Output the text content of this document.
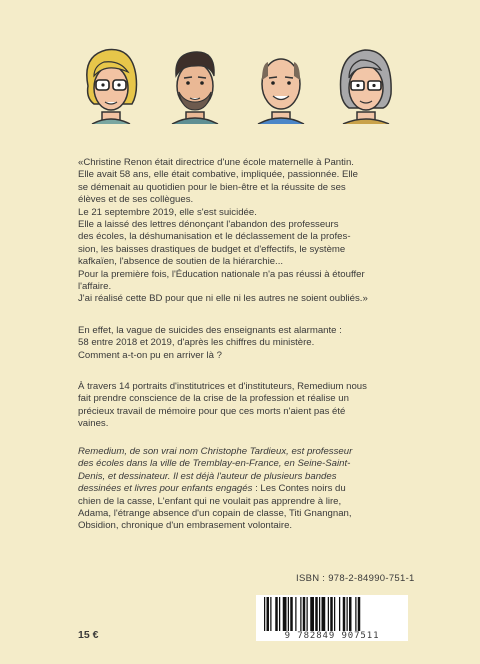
«Christine Renon était directrice d'une école maternelle à Pantin.

Elle avait 58 ans, elle était combative, impliquée, passionnée. Elle

se démenait au quotidien pour le bien-être et la réussite de ses

élèves et de ses collègues.

Le 21 septembre 2019, elle s'est suicidée.

Elle a laissé des lettres dénonçant l'abandon des professeurs

des écoles, la déshumanisation et le déclassement de la profes-

sion, les baisses drastiques de budget et d'effectifs, le système

kafkaïen, l'absence de soutien de la hiérarchie...

Pour la première fois, l'Éducation nationale n'a pas réussi à étouffer

l'affaire.

J'ai réalisé cette BD pour que ni elle ni les autres ne soient oubliés.»

En effet, la vague de suicides des enseignants est alarmante :

58 entre 2018 et 2019, d'après les chiffres du ministère.

Comment a-t-on pu en arriver là ?

À travers 14 portraits d'institutrices et d'instituteurs, Remedium nous

fait prendre conscience de la crise de la profession et réalise un

précieux travail de mémoire pour que ces morts n'aient pas été

vaines.

Remedium, de son vrai nom Christophe Tardieux, est professeur

des écoles dans la ville de Tremblay-en-France, en Seine-Saint-

Denis, et dessinateur. Il est déjà l'auteur de plusieurs bandes

dessinées et livres pour enfants engagés : Les Contes noirs du

chien de la casse, L'enfant qui ne voulait pas apprendre à lire,

Adama, l'étrange absence d'un copain de classe, Titi Gnangnan,

Obsidion, chronique d'un embrasement volontaire.

ISBN : 978-2-84990-751-1
9 782849 907511
15 €
